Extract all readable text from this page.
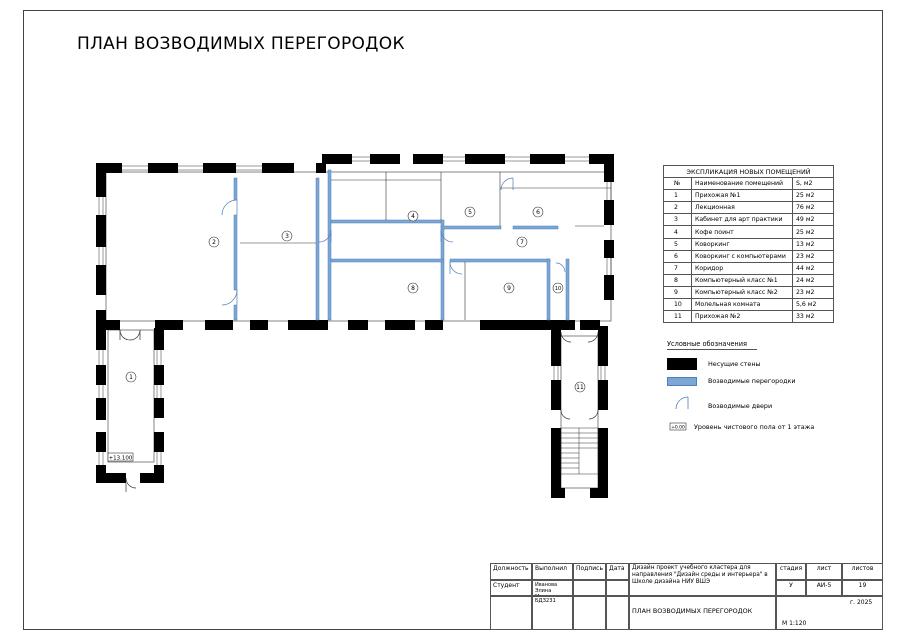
ПЛАН ВОЗВОДИМЫХ ПЕРЕГОРОДОК
1
2
3
4
5	6
7
8	9	10
11
+13.100
+0.00
ЭКСПЛИКАЦИЯ НОВЫХ ПОМЕЩЕНИЙ		
№	Наименование помещений	S, м2
1	Прихожая №1	25 м2
2	Лекционная	76 м2
3	Кабинет для арт практики	49 м2
4	Кофе поинт	25 м2
5	Коворкинг	13 м2
6	Коворкинг с компьютерами	23 м2
7	Коридор	44 м2
8	Компьютерный класс №1	24 м2
9	Компьютерный класс №2	23 м2
10	Молельная комната	5,6 м2
11	Прихожая №2	33 м2
Условные обозначения
Несущие стены
Возводимые перегородки
Возводимые двери
Уровень чистового пола от 1 этажа
Должность	Выполнил	Подпись	Дата
Студент	Иванова Элина
БДЗ231
Дизайн проект учебного кластера для направления "Дизайн среды и интерьера" в Школе дизайна НИУ ВШЭ
стадия	лист	листов
У	АИ-5	19
ПЛАН ВОЗВОДИМЫХ ПЕРЕГОРОДОК
г. 2025
М 1:120
